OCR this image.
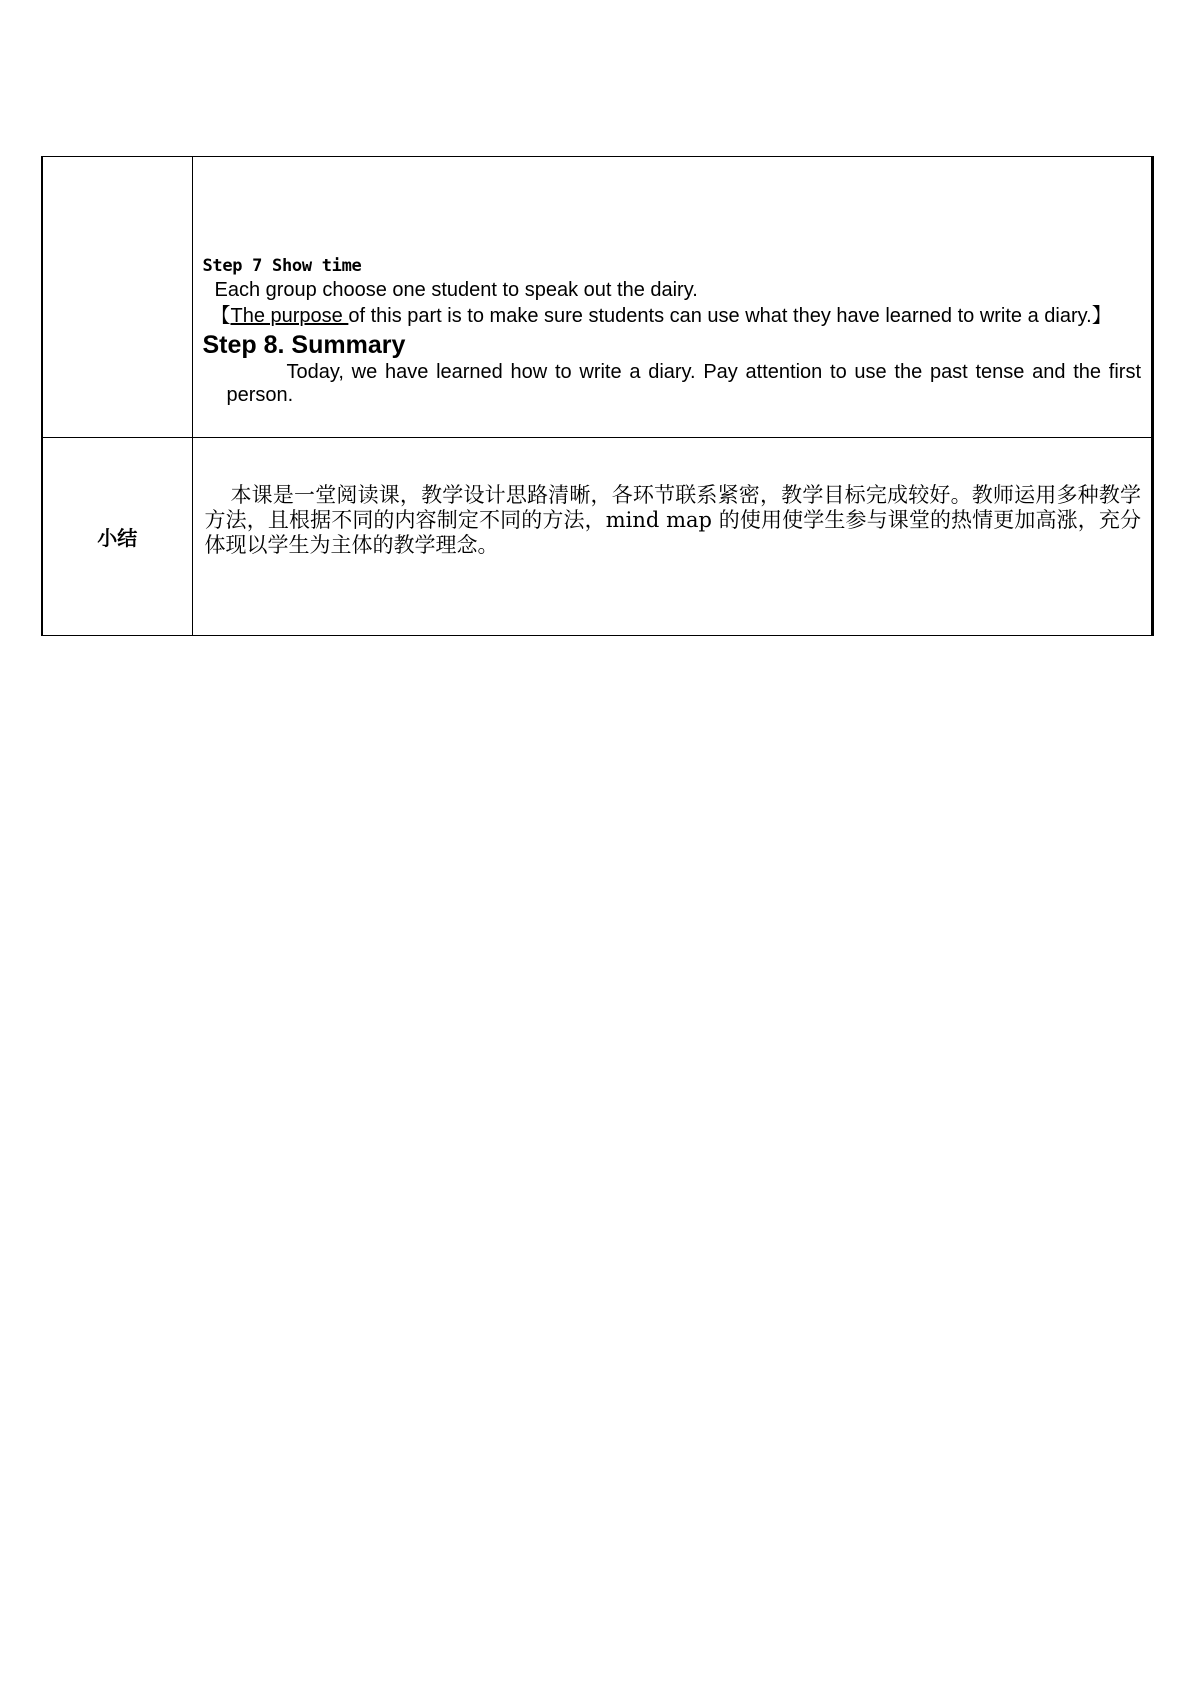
	Step 7 Show time
Each group choose one student to speak out the dairy.
【The purpose of this part is to make sure students can use what they have learned to write a diary.】
Step 8. Summary
Today, we have learned how to write a diary. Pay attention to use the past tense and the first person.

小结	本课是一堂阅读课，教学设计思路清晰，各环节联系紧密，教学目标完成较好。教师运用多种教学方法，且根据不同的内容制定不同的方法，mind map 的使用使学生参与课堂的热情更加高涨，充分体现以学生为主体的教学理念。
